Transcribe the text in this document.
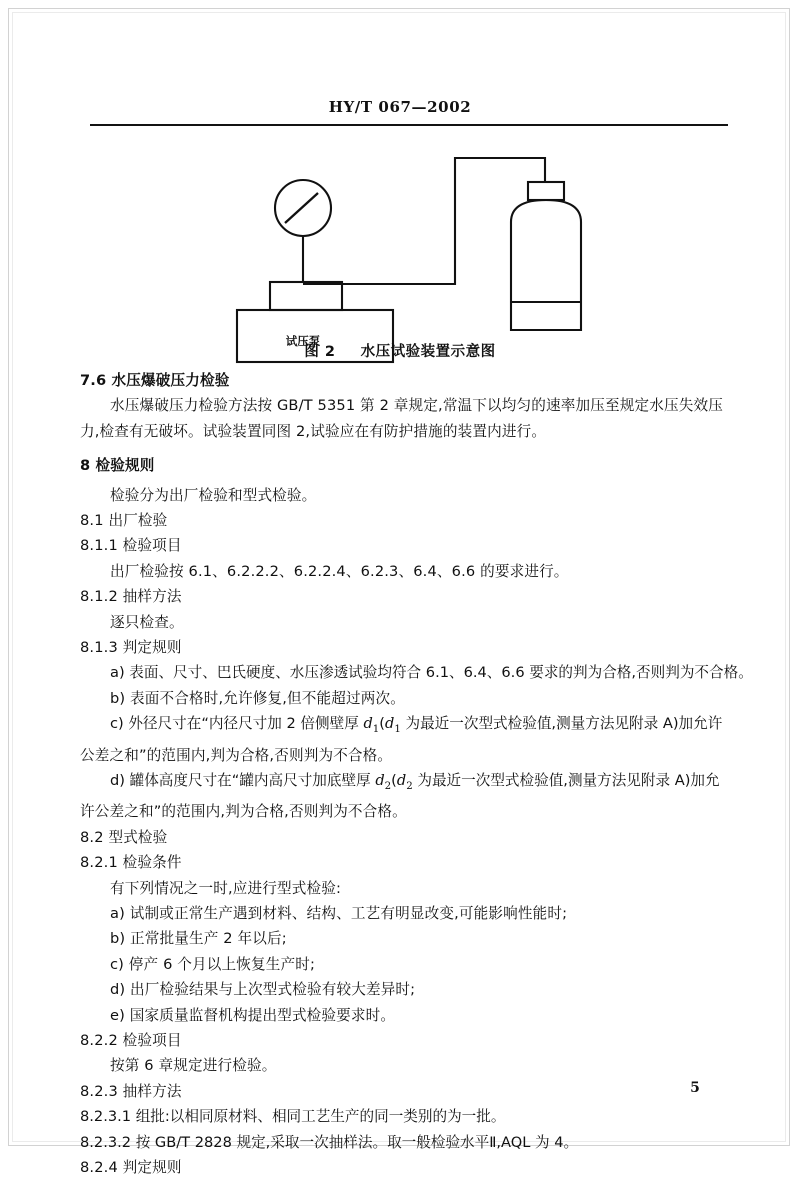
HY/T 067—2002
试压泵
图 2 水压试验装置示意图
7.6 水压爆破压力检验
水压爆破压力检验方法按 GB/T 5351 第 2 章规定,常温下以均匀的速率加压至规定水压失效压
力,检查有无破坏。试验装置同图 2,试验应在有防护措施的装置内进行。
8 检验规则
检验分为出厂检验和型式检验。
8.1 出厂检验
8.1.1 检验项目
出厂检验按 6.1、6.2.2.2、6.2.2.4、6.2.3、6.4、6.6 的要求进行。
8.1.2 抽样方法
逐只检查。
8.1.3 判定规则
a) 表面、尺寸、巴氏硬度、水压渗透试验均符合 6.1、6.4、6.6 要求的判为合格,否则判为不合格。
b) 表面不合格时,允许修复,但不能超过两次。
c) 外径尺寸在“内径尺寸加 2 倍侧壁厚 $d_1(d_1$ 为最近一次型式检验值,测量方法见附录 A)加允许
公差之和”的范围内,判为合格,否则判为不合格。
d) 罐体高度尺寸在“罐内高尺寸加底壁厚 $d_2(d_2$ 为最近一次型式检验值,测量方法见附录 A)加允
许公差之和”的范围内,判为合格,否则判为不合格。
8.2 型式检验
8.2.1 检验条件
有下列情况之一时,应进行型式检验:
a) 试制或正常生产遇到材料、结构、工艺有明显改变,可能影响性能时;
b) 正常批量生产 2 年以后;
c) 停产 6 个月以上恢复生产时;
d) 出厂检验结果与上次型式检验有较大差异时;
e) 国家质量监督机构提出型式检验要求时。
8.2.2 检验项目
按第 6 章规定进行检验。
8.2.3 抽样方法
8.2.3.1 组批:以相同原材料、相同工艺生产的同一类别的为一批。
8.2.3.2 按 GB/T 2828 规定,采取一次抽样法。取一般检验水平Ⅱ,AQL 为 4。
8.2.4 判定规则
5
